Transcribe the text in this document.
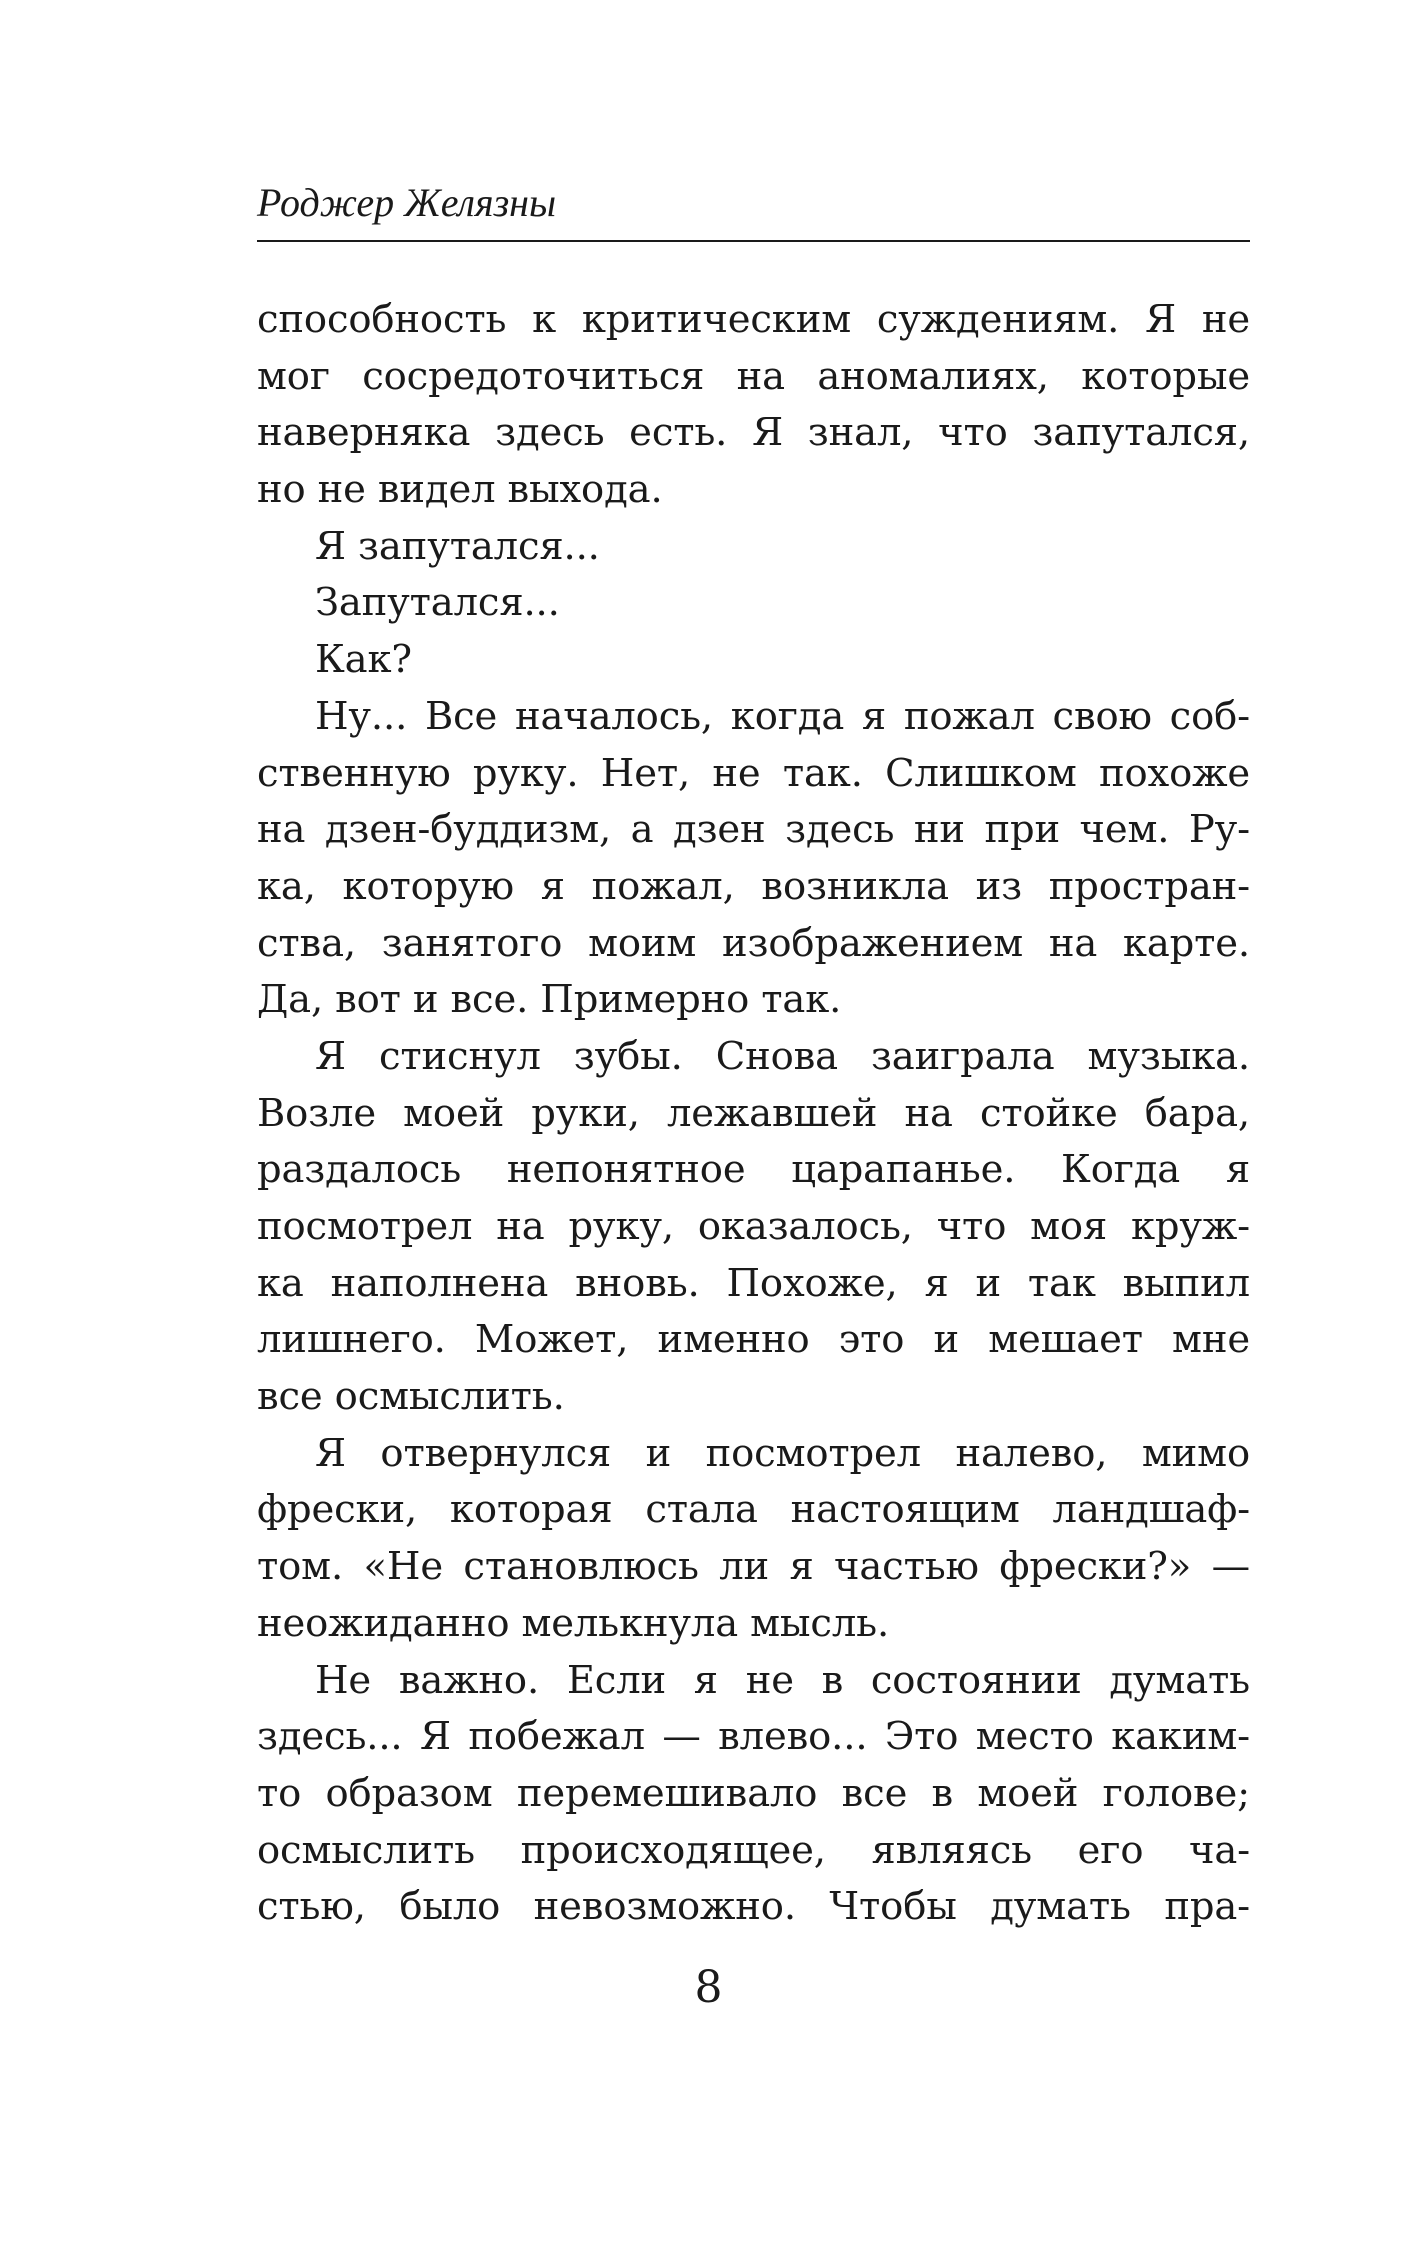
Роджер Желязны
способность к критическим суждениям. Я не
мог сосредоточиться на аномалиях, которые
наверняка здесь есть. Я знал, что запутался,
но не видел выхода.
Я запутался...
Запутался...
Как?
Ну... Все началось, когда я пожал свою соб-
ственную руку. Нет, не так. Слишком похоже
на дзен-буддизм, а дзен здесь ни при чем. Ру-
ка, которую я пожал, возникла из простран-
ства, занятого моим изображением на карте.
Да, вот и все. Примерно так.
Я стиснул зубы. Снова заиграла музыка.
Возле моей руки, лежавшей на стойке бара,
раздалось непонятное царапанье. Когда я
посмотрел на руку, оказалось, что моя круж-
ка наполнена вновь. Похоже, я и так выпил
лишнего. Может, именно это и мешает мне
все осмыслить.
Я отвернулся и посмотрел налево, мимо
фрески, которая стала настоящим ландшаф-
том. «Не становлюсь ли я частью фрески?» —
неожиданно мелькнула мысль.
Не важно. Если я не в состоянии думать
здесь... Я побежал — влево... Это место каким-
то образом перемешивало все в моей голове;
осмыслить происходящее, являясь его ча-
стью, было невозможно. Чтобы думать пра-
8
